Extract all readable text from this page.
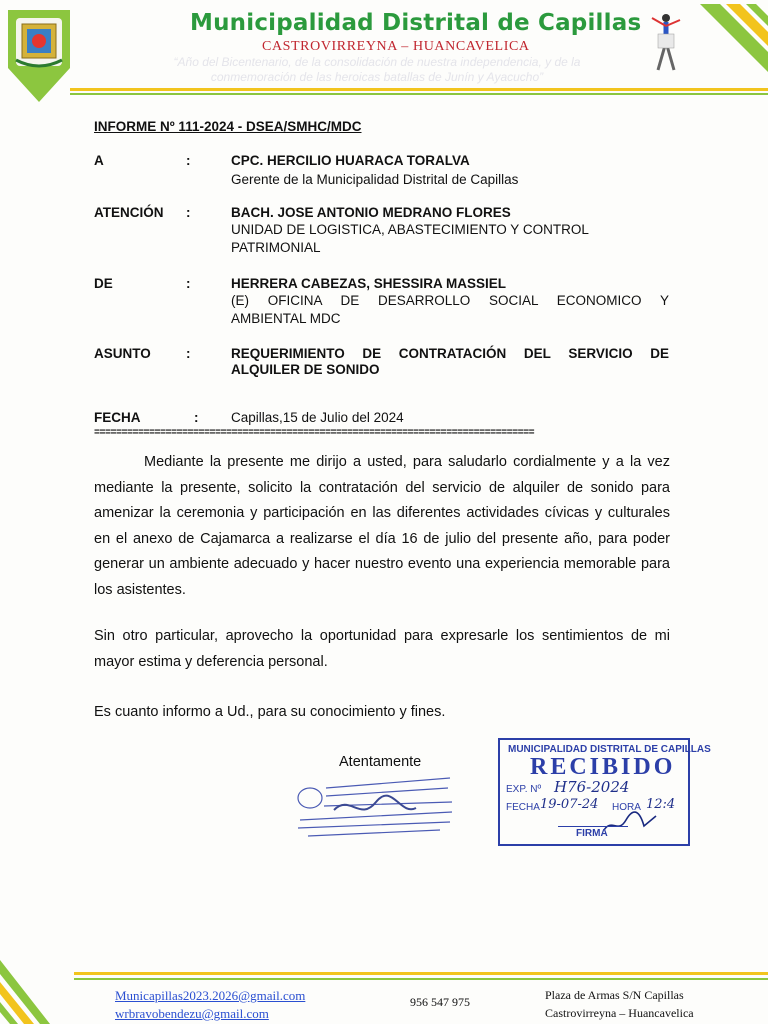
Municipalidad Distrital de Capillas
CASTROVIRREYNA – HUANCAVELICA
“Año del Bicentenario, de la consolidación de nuestra independencia, y de la conmemoración de las heroicas batallas de Junín y Ayacucho”
INFORME Nº 111-2024 - DSEA/SMHC/MDC
A	:	CPC. HERCILIO HUARACA TORALVA
Gerente de la Municipalidad Distrital de Capillas
ATENCIÓN :	BACH. JOSE ANTONIO MEDRANO FLORES
UNIDAD DE LOGISTICA, ABASTECIMIENTO Y CONTROL
PATRIMONIAL
DE	:	HERRERA CABEZAS, SHESSIRA MASSIEL
(E) OFICINA DE DESARROLLO SOCIAL ECONOMICO Y
AMBIENTAL MDC
ASUNTO	:	REQUERIMIENTO DE CONTRATACIÓN DEL SERVICIO DE
ALQUILER DE SONIDO
FECHA	: Capillas,15 de Julio del 2024
================================================================================
Mediante la presente me dirijo a usted, para saludarlo cordialmente y a la vez mediante la presente, solicito la contratación del servicio de alquiler de sonido para amenizar la ceremonia y participación en las diferentes actividades cívicas y culturales en el anexo de Cajamarca a realizarse el día 16 de julio del presente año, para poder generar un ambiente adecuado y hacer nuestro evento una experiencia memorable para los asistentes.
Sin otro particular, aprovecho la oportunidad para expresarle los sentimientos de mi mayor estima y deferencia personal.
Es cuanto informo a Ud., para su conocimiento y fines.
Atentamente
MUNICIPALIDAD DISTRITAL DE CAPILLAS
RECIBIDO
EXP. Nº H76-2024
FECHA 19-07-24 HORA 12:4
FIRMA
Municapillas2023.2026@gmail.com
wrbravobendezu@gmail.com
956 547 975	Plaza de Armas S/N Capillas
Castrovirreyna – Huancavelica
